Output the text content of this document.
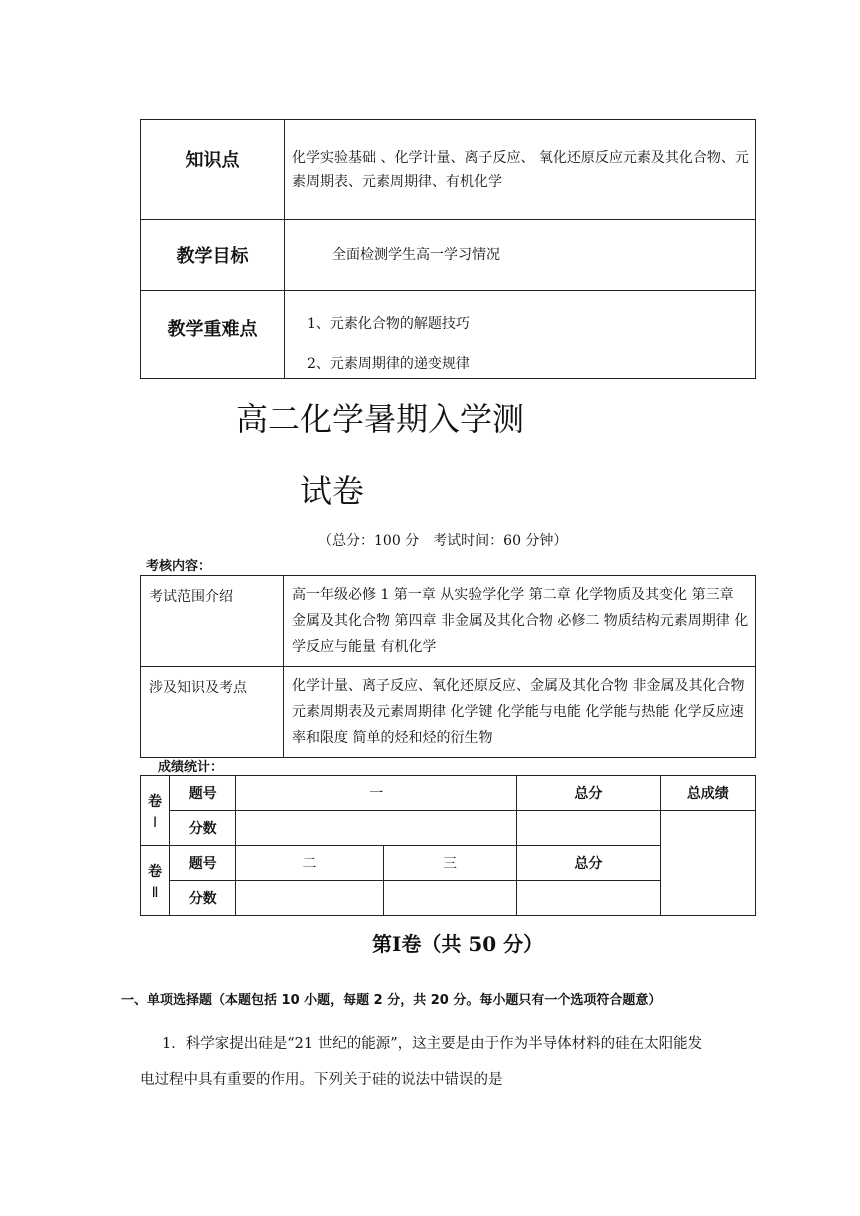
知识点	化学实验基础 、化学计量、离子反应、 氧化还原反应元素及其化合物、元素周期表、元素周期律、有机化学
教学目标	全面检测学生高一学习情况
教学重难点	1、元素化合物的解题技巧
2、元素周期律的递变规律
高二化学暑期入学测
试卷
（总分：100 分　考试时间：60 分钟）
考核内容：
考试范围介绍	高一年级必修 1 第一章 从实验学化学 第二章 化学物质及其变化 第三章 金属及其化合物 第四章 非金属及其化合物 必修二 物质结构元素周期律 化学反应与能量 有机化学
涉及知识及考点	化学计量、离子反应、氧化还原反应、金属及其化合物 非金属及其化合物 元素周期表及元素周期律 化学键 化学能与电能 化学能与热能 化学反应速率和限度 简单的烃和烃的衍生物
成绩统计：
卷
Ⅰ	题号	一		总分	总成绩
	分数				

卷
Ⅱ	题号	二	三	总分	
	分数				
第Ⅰ卷（共 50 分）
一、单项选择题（本题包括 10 小题，每题 2 分，共 20 分。每小题只有一个选项符合题意）
1．科学家提出硅是“21 世纪的能源”，这主要是由于作为半导体材料的硅在太阳能发
电过程中具有重要的作用。下列关于硅的说法中错误的是
